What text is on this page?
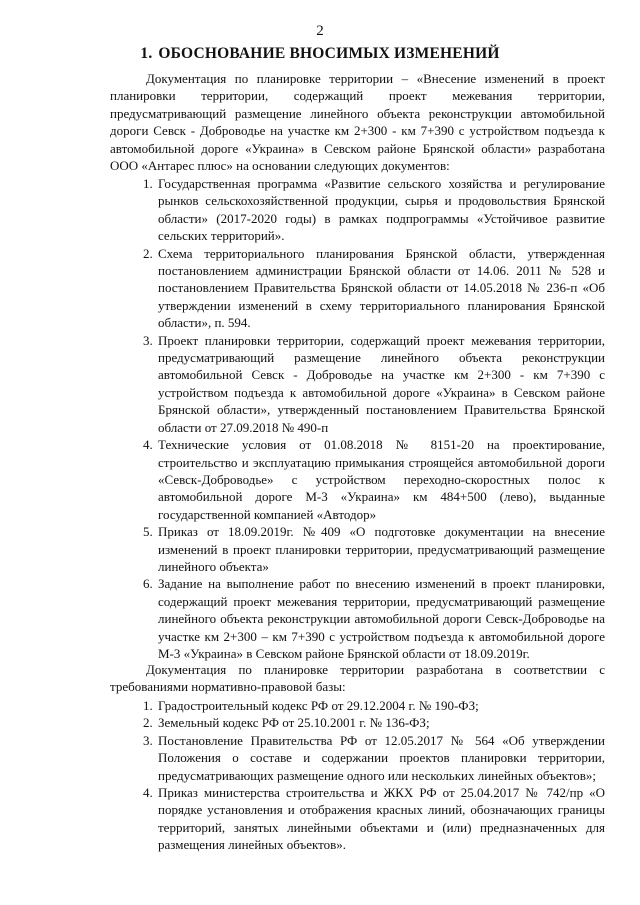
2
1. ОБОСНОВАНИЕ ВНОСИМЫХ ИЗМЕНЕНИЙ

Документация по планировке территории – «Внесение изменений в проект планировки территории, содержащий проект межевания территории, предусматривающий размещение линейного объекта реконструкции автомобильной дороги Севск - Доброводье на участке км 2+300 - км 7+390 с устройством подъезда к автомобильной дороге «Украина» в Севском районе Брянской области» разработана ООО «Антарес плюс» на основании следующих документов:

1. Государственная программа «Развитие сельского хозяйства и регулирование рынков сельскохозяйственной продукции, сырья и продовольствия Брянской области» (2017-2020 годы) в рамках подпрограммы «Устойчивое развитие сельских территорий».
2. Схема территориального планирования Брянской области, утвержденная постановлением администрации Брянской области от 14.06. 2011 № 528 и постановлением Правительства Брянской области от 14.05.2018 № 236-п «Об утверждении изменений в схему территориального планирования Брянской области», п. 594.
3. Проект планировки территории, содержащий проект межевания территории, предусматривающий размещение линейного объекта реконструкции автомобильной Севск - Доброводье на участке км 2+300 - км 7+390 с устройством подъезда к автомобильной дороге «Украина» в Севском районе Брянской области», утвержденный постановлением Правительства Брянской области от 27.09.2018 № 490-п
4. Технические условия от 01.08.2018 № 8151-20 на проектирование, строительство и эксплуатацию примыкания строящейся автомобильной дороги «Севск-Доброводье» с устройством переходно-скоростных полос к автомобильной дороге М-3 «Украина» км 484+500 (лево), выданные государственной компанией «Автодор»
5. Приказ от 18.09.2019г. №409 «О подготовке документации на внесение изменений в проект планировки территории, предусматривающий размещение линейного объекта»
6. Задание на выполнение работ по внесению изменений в проект планировки, содержащий проект межевания территории, предусматривающий размещение линейного объекта реконструкции автомобильной дороги Севск-Доброводье на участке км 2+300 – км 7+390 с устройством подъезда к автомобильной дороге М-3 «Украина» в Севском районе Брянской области от 18.09.2019г.

Документация по планировке территории разработана в соответствии с требованиями нормативно-правовой базы:

1. Градостроительный кодекс РФ от 29.12.2004 г. № 190-ФЗ;
2. Земельный кодекс РФ от 25.10.2001 г. № 136-ФЗ;
3. Постановление Правительства РФ от 12.05.2017 № 564 «Об утверждении Положения о составе и содержании проектов планировки территории, предусматривающих размещение одного или нескольких линейных объектов»;
4. Приказ министерства строительства и ЖКХ РФ от 25.04.2017 № 742/пр «О порядке установления и отображения красных линий, обозначающих границы территорий, занятых линейными объектами и (или) предназначенных для размещения линейных объектов».
